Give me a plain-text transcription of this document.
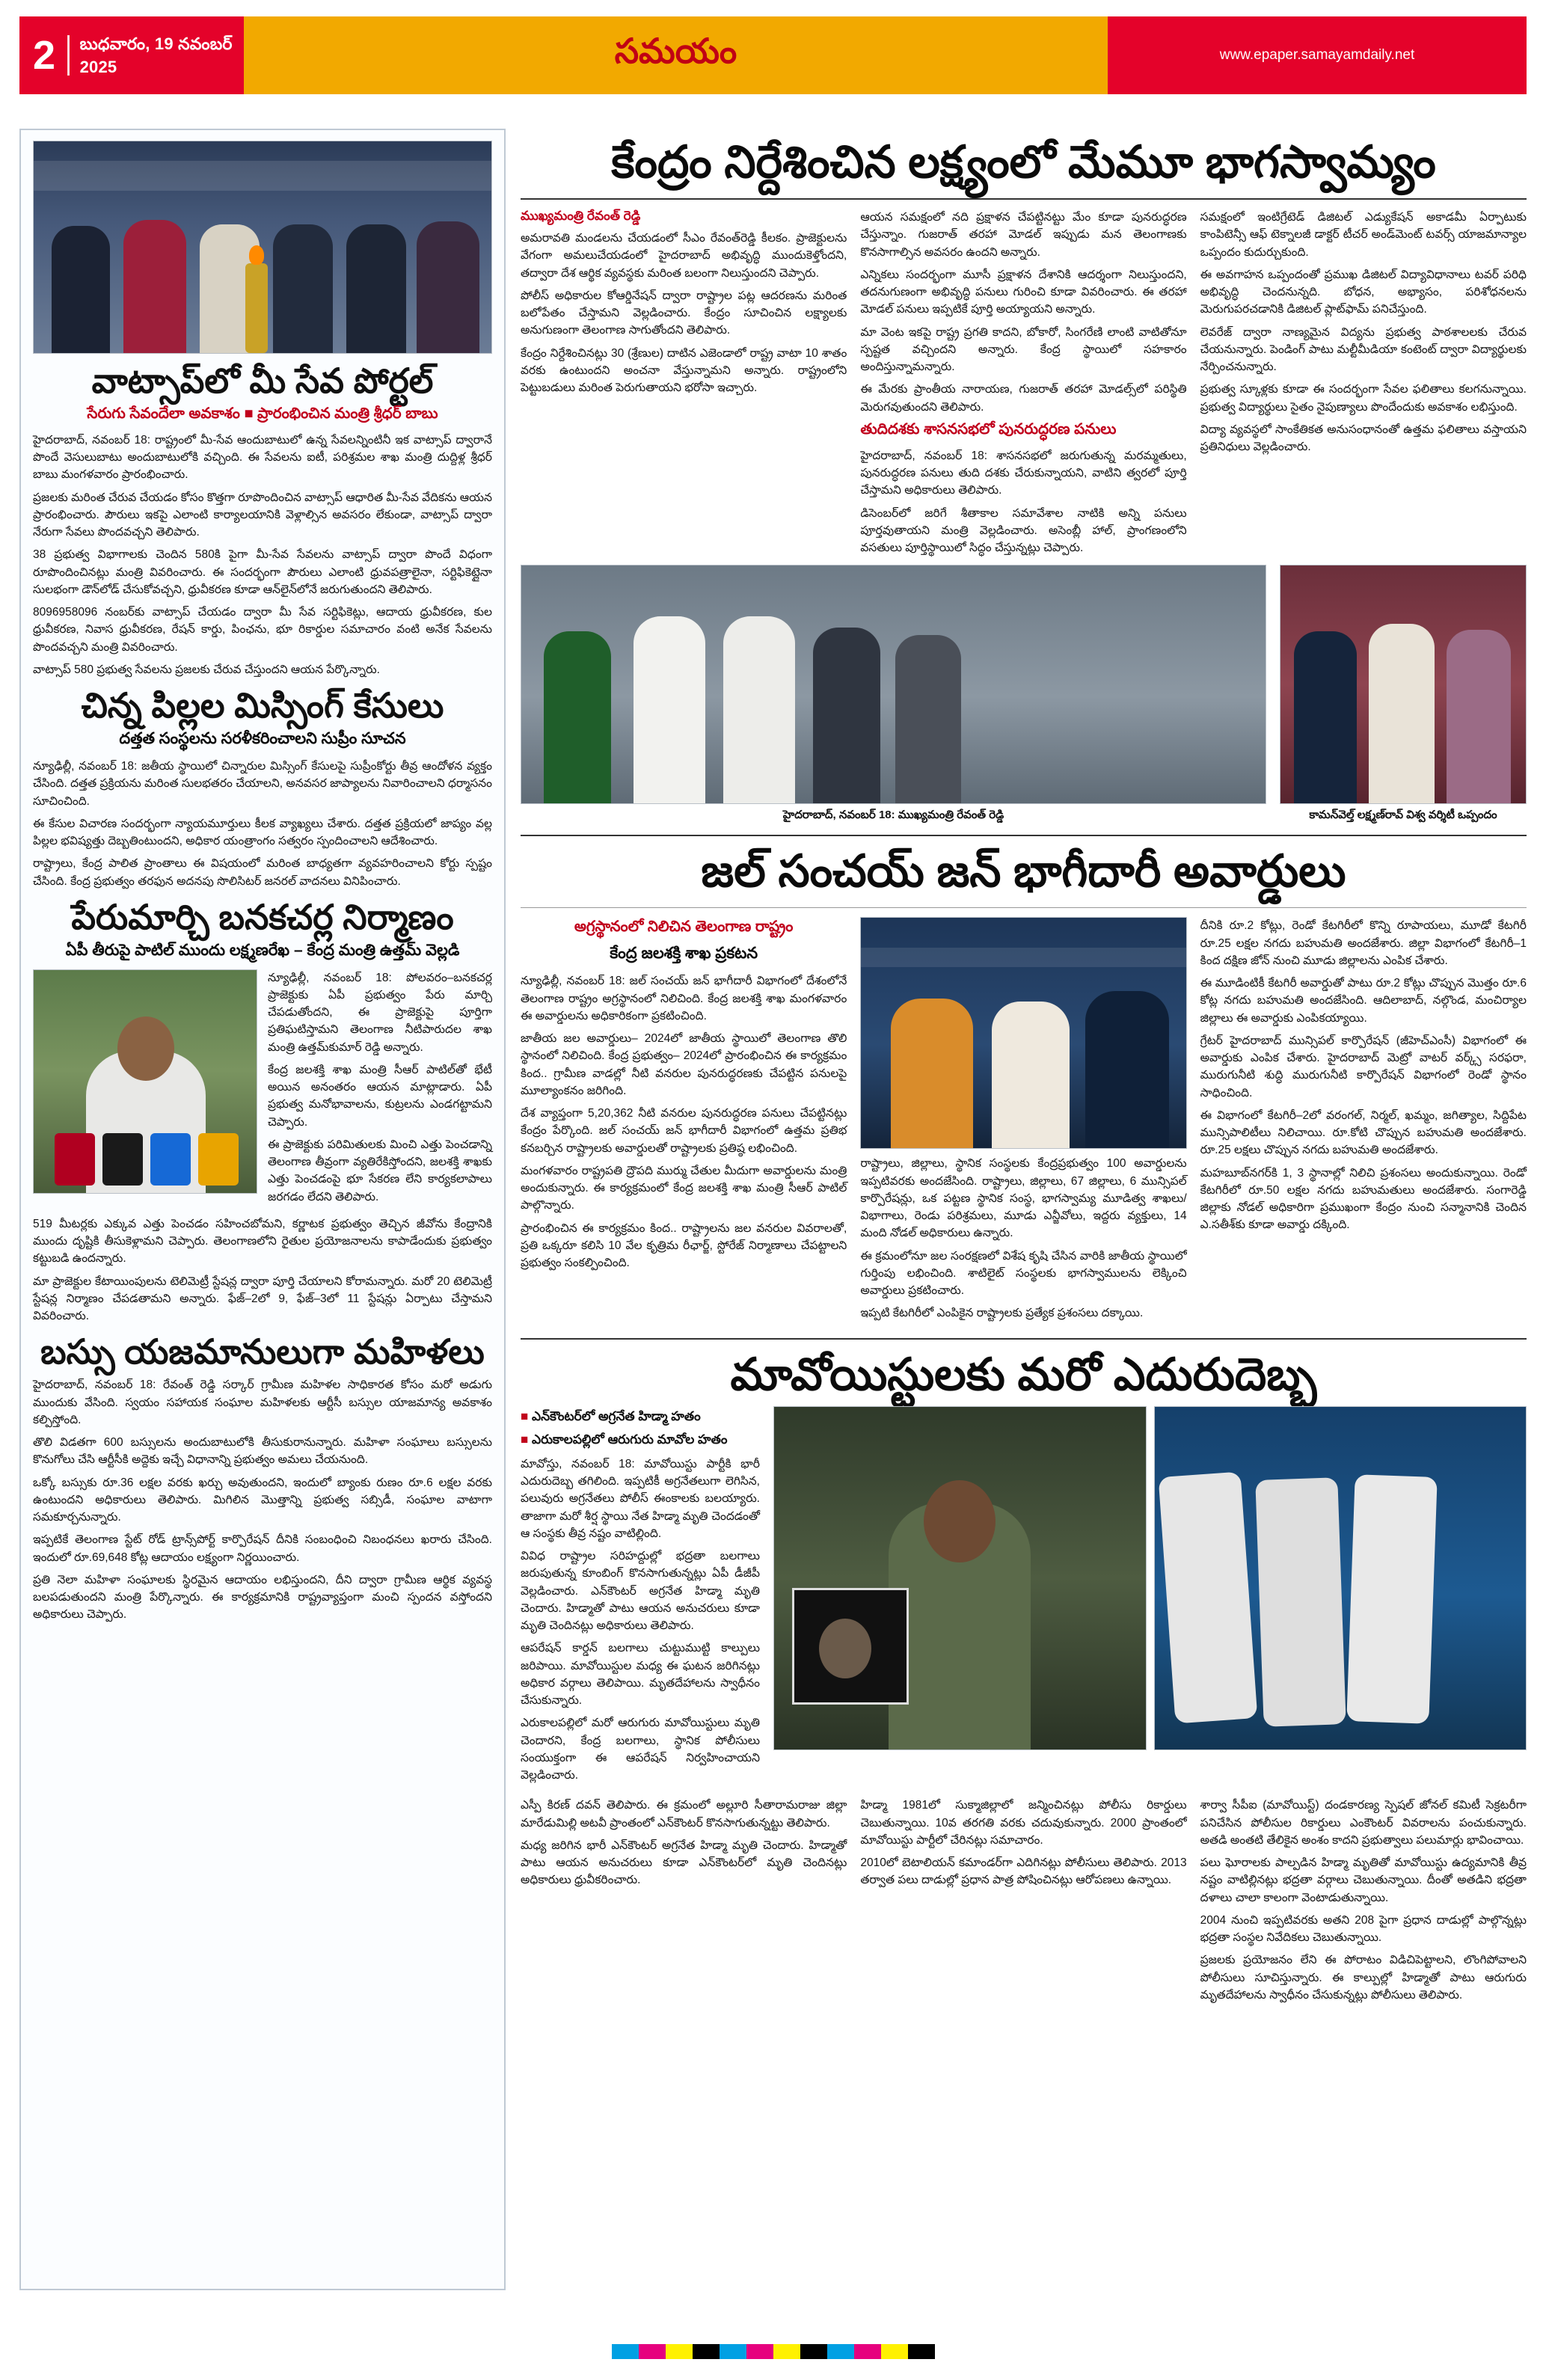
2	బుధవారం, 19 నవంబర్ 2025	సమయం	www.epaper.samayamdaily.net
వాట్సాప్‌లో మీ సేవ పోర్టల్
సేరుగు సేవందేలా అవకాశం ■ ప్రారంభించిన మంత్రి శ్రీధర్ బాబు

హైదరాబాద్, నవంబర్ 18: రాష్ట్రంలో మీ-సేవ ఆందుబాటులో ఉన్న సేవలన్నింటినీ ఇక వాట్సాప్ ద్వారానే పొందే వెసులుబాటు అందుబాటులోకి వచ్చింది. ఈ సేవలను ఐటీ, పరిశ్రమల శాఖ మంత్రి దుద్దిళ్ల శ్రీధర్ బాబు మంగళవారం ప్రారంభించారు.

ప్రజలకు మరింత చేరువ చేయడం కోసం కొత్తగా రూపొందించిన వాట్సాప్ ఆధారిత మీ-సేవ వేదికను ఆయన ప్రారంభించారు. పౌరులు ఇకపై ఎలాంటి కార్యాలయానికి వెళ్లాల్సిన అవసరం లేకుండా, వాట్సాప్ ద్వారా నేరుగా సేవలు పొందవచ్చని తెలిపారు.

38 ప్రభుత్వ విభాగాలకు చెందిన 580కి పైగా మీ-సేవ సేవలను వాట్సాప్ ద్వారా పొందే విధంగా రూపొందించినట్లు మంత్రి వివరించారు. ఈ సందర్భంగా పౌరులు ఎలాంటి ధ్రువపత్రాలైనా, సర్టిఫికెట్లైనా సులభంగా డౌన్‌లోడ్ చేసుకోవచ్చని, ధ్రువీకరణ కూడా ఆన్‌లైన్‌లోనే జరుగుతుందని తెలిపారు.

8096958096 నంబర్‌కు వాట్సాప్ చేయడం ద్వారా మీ సేవ సర్టిఫికెట్లు, ఆదాయ ధ్రువీకరణ, కుల ధ్రువీకరణ, నివాస ధ్రువీకరణ, రేషన్ కార్డు, పింఛను, భూ రికార్డుల సమాచారం వంటి అనేక సేవలను పొందవచ్చని మంత్రి వివరించారు.

వాట్సాప్ 580 ప్రభుత్వ సేవలను ప్రజలకు చేరువ చేస్తుందని ఆయన పేర్కొన్నారు.

చిన్న పిల్లల మిస్సింగ్ కేసులు
దత్తత సంస్థలను సరళీకరించాలని సుప్రీం సూచన

న్యూఢిల్లీ, నవంబర్ 18: జతీయ స్థాయిలో చిన్నారుల మిస్సింగ్ కేసులపై సుప్రీంకోర్టు తీవ్ర ఆందోళన వ్యక్తం చేసింది. దత్తత ప్రక్రియను మరింత సులభతరం చేయాలని, అనవసర జాప్యాలను నివారించాలని ధర్మాసనం సూచించింది.

ఈ కేసుల విచారణ సందర్భంగా న్యాయమూర్తులు కీలక వ్యాఖ్యలు చేశారు. దత్తత ప్రక్రియలో జాప్యం వల్ల పిల్లల భవిష్యత్తు దెబ్బతింటుందని, అధికార యంత్రాంగం సత్వరం స్పందించాలని ఆదేశించారు.

రాష్ట్రాలు, కేంద్ర పాలిత ప్రాంతాలు ఈ విషయంలో మరింత బాధ్యతగా వ్యవహరించాలని కోర్టు స్పష్టం చేసింది. కేంద్ర ప్రభుత్వం తరఫున అదనపు సొలిసిటర్ జనరల్ వాదనలు వినిపించారు.

పేరుమార్చి బనకచర్ల నిర్మాణం
ఏపీ తీరుపై పాటిల్ ముందు లక్ష్మణరేఖ – కేంద్ర మంత్రి ఉత్తమ్ వెల్లడి

న్యూఢిల్లీ, నవంబర్ 18: పోలవరం–బనకచర్ల ప్రాజెక్టుకు ఏపీ ప్రభుత్వం పేరు మార్చి చేపడుతోందని, ఈ ప్రాజెక్టుపై పూర్తిగా ప్రతిఘటిస్తామని తెలంగాణ నీటిపారుదల శాఖ మంత్రి ఉత్తమ్‌కుమార్ రెడ్డి అన్నారు.

కేంద్ర జలశక్తి శాఖ మంత్రి సీఆర్ పాటిల్‌తో భేటీ అయిన అనంతరం ఆయన మాట్లాడారు. ఏపీ ప్రభుత్వ మనోభావాలను, కుట్రలను ఎండగట్టామని చెప్పారు.

ఈ ప్రాజెక్టుకు పరిమితులకు మించి ఎత్తు పెంచడాన్ని తెలంగాణ తీవ్రంగా వ్యతిరేకిస్తోందని, జలశక్తి శాఖకు ఎత్తు పెంచడంపై భూ సేకరణ లేని కార్యకలాపాలు జరగడం లేదని తెలిపారు.

519 మీటర్లకు ఎక్కువ ఎత్తు పెంచడం సహించబోమని, కర్ణాటక ప్రభుత్వం తెచ్చిన జీవోను కేంద్రానికి ముందు దృష్టికి తీసుకెళ్లామని చెప్పారు. తెలంగాణలోని రైతుల ప్రయోజనాలను కాపాడేందుకు ప్రభుత్వం కట్టుబడి ఉందన్నారు.

మా ప్రాజెక్టుల కేటాయింపులను టెలిమెట్రీ స్టేషన్ల ద్వారా పూర్తి చేయాలని కోరామన్నారు. మరో 20 టెలిమెట్రీ స్టేషన్ల నిర్మాణం చేపడతామని అన్నారు. ఫేజ్–2లో 9, ఫేజ్–3లో 11 స్టేషన్లు ఏర్పాటు చేస్తామని వివరించారు.

బస్సు యజమానులుగా మహిళలు

హైదరాబాద్, నవంబర్ 18: రేవంత్ రెడ్డి సర్కార్ గ్రామీణ మహిళల సాధికారత కోసం మరో అడుగు ముందుకు వేసింది. స్వయం సహాయక సంఘాల మహిళలకు ఆర్టీసీ బస్సుల యాజమాన్య అవకాశం కల్పిస్తోంది.

తొలి విడతగా 600 బస్సులను అందుబాటులోకి తీసుకురానున్నారు. మహిళా సంఘాలు బస్సులను కొనుగోలు చేసి ఆర్టీసీకి అద్దెకు ఇచ్చే విధానాన్ని ప్రభుత్వం అమలు చేయనుంది.

ఒక్కో బస్సుకు రూ.36 లక్షల వరకు ఖర్చు అవుతుందని, ఇందులో బ్యాంకు రుణం రూ.6 లక్షల వరకు ఉంటుందని అధికారులు తెలిపారు. మిగిలిన మొత్తాన్ని ప్రభుత్వ సబ్సిడీ, సంఘాల వాటాగా సమకూర్చనున్నారు.

ఇప్పటికే తెలంగాణ స్టేట్ రోడ్ ట్రాన్స్‌పోర్ట్ కార్పొరేషన్ దీనికి సంబంధించి నిబంధనలు ఖరారు చేసింది. ఇందులో రూ.69,648 కోట్ల ఆదాయం లక్ష్యంగా నిర్ణయించారు.

ప్రతి నెలా మహిళా సంఘాలకు స్థిరమైన ఆదాయం లభిస్తుందని, దీని ద్వారా గ్రామీణ ఆర్థిక వ్యవస్థ బలపడుతుందని మంత్రి పేర్కొన్నారు. ఈ కార్యక్రమానికి రాష్ట్రవ్యాప్తంగా మంచి స్పందన వస్తోందని అధికారులు చెప్పారు.

కేంద్రం నిర్దేశించిన లక్ష్యంలో మేమూ భాగస్వామ్యం
ముఖ్యమంత్రి రేవంత్ రెడ్డి

అమరావతి మండలను చేయడంలో సీఎం రేవంత్‌రెడ్డి కీలకం. ప్రాజెక్టులను వేగంగా అమలుచేయడంలో హైదరాబాద్ అభివృద్ధి ముందుకెళ్తోందని, తద్వారా దేశ ఆర్థిక వ్యవస్థకు మరింత బలంగా నిలుస్తుందని చెప్పారు.

పోలీస్ అధికారుల కోఆర్డినేషన్ ద్వారా రాష్ట్రాల పట్ల ఆదరణను మరింత బలోపేతం చేస్తామని వెల్లడించారు. కేంద్రం సూచించిన లక్ష్యాలకు అనుగుణంగా తెలంగాణ సాగుతోందని తెలిపారు.

కేంద్రం నిర్దేశించినట్లు 30 (శ్రేణుల) దాటిన ఎజెండాలో రాష్ట్ర వాటా 10 శాతం వరకు ఉంటుందని అంచనా వేస్తున్నామని అన్నారు. రాష్ట్రంలోని పెట్టుబడులు మరింత పెరుగుతాయని భరోసా ఇచ్చారు.

ఆయన సమక్షంలో నది ప్రక్షాళన చేపట్టినట్టు మేం కూడా పునరుద్ధరణ చేస్తున్నాం. గుజరాత్ తరహా మోడల్ ఇప్పుడు మన తెలంగాణకు కొనసాగాల్సిన అవసరం ఉందని అన్నారు.

ఎన్నికలు సందర్భంగా మూసీ ప్రక్షాళన దేశానికి ఆదర్శంగా నిలుస్తుందని, తదనుగుణంగా అభివృద్ధి పనులు గురించి కూడా వివరించారు. ఈ తరహా మోడల్ పనులు ఇప్పటికే పూర్తి అయ్యాయని అన్నారు.

మా వెంట ఇకపై రాష్ట్ర ప్రగతి కాదని, బోకారో, సింగరేణి లాంటి వాటితోనూ స్పష్టత వచ్చిందని అన్నారు. కేంద్ర స్థాయిలో సహకారం అందిస్తున్నామన్నారు.

ఈ మేరకు ప్రాంతీయ నారాయణ, గుజరాత్ తరహా మోడల్స్‌లో పరిస్థితి మెరుగవుతుందని తెలిపారు.

తుదిదశకు శాసనసభలో పునరుద్ధరణ పనులు

హైదరాబాద్, నవంబర్ 18: శాసనసభలో జరుగుతున్న మరమ్మతులు, పునరుద్ధరణ పనులు తుది దశకు చేరుకున్నాయని, వాటిని త్వరలో పూర్తి చేస్తామని అధికారులు తెలిపారు.

డిసెంబర్‌లో జరిగే శీతాకాల సమావేశాల నాటికి అన్ని పనులు పూర్తవుతాయని మంత్రి వెల్లడించారు. అసెంబ్లీ హాల్, ప్రాంగణంలోని వసతులు పూర్తిస్థాయిలో సిద్ధం చేస్తున్నట్లు చెప్పారు.

సమక్షంలో ఇంటిగ్రేటెడ్ డిజిటల్ ఎడ్యుకేషన్ అకాడమీ ఏర్పాటుకు కాంపిటెన్సీ ఆఫ్ టెక్నాలజీ డాక్టర్ టీచర్ అండ్‌మెంట్ టవర్స్ యాజమాన్యాల ఒప్పందం కుదుర్చుకుంది.

ఈ అవగాహన ఒప్పందంతో ప్రముఖ డిజిటల్ విద్యావిధానాలు టవర్ పరిధి అభివృద్ధి చెందనున్నది. బోధన, అభ్యాసం, పరిశోధనలను మెరుగుపరచడానికి డిజిటల్ ప్లాట్‌ఫామ్ పనిచేస్తుంది.

లెవరేజ్ ద్వారా నాణ్యమైన విద్యను ప్రభుత్వ పాఠశాలలకు చేరువ చేయనున్నారు. పెండింగ్ పాటు మల్టీమీడియా కంటెంట్ ద్వారా విద్యార్థులకు నేర్పించనున్నారు.

ప్రభుత్వ స్కూళ్లకు కూడా ఈ సందర్భంగా సేవల ఫలితాలు కలగనున్నాయి. ప్రభుత్వ విద్యార్థులు సైతం నైపుణ్యాలు పొందేందుకు అవకాశం లభిస్తుంది.

విద్యా వ్యవస్థలో సాంకేతికత అనుసంధానంతో ఉత్తమ ఫలితాలు వస్తాయని ప్రతినిధులు వెల్లడించారు.

హైదరాబాద్, నవంబర్ 18: ముఖ్యమంత్రి రేవంత్ రెడ్డి	కామన్‌వెల్త్ లక్ష్మణ్‌రావ్ విశ్వ వర్శిటీ ఒప్పందం
జల్ సంచయ్ జన్ భాగీదారీ అవార్డులు
అగ్రస్థానంలో నిలిచిన తెలంగాణ రాష్ట్రం
కేంద్ర జలశక్తి శాఖ ప్రకటన

న్యూఢిల్లీ, నవంబర్ 18: జల్ సంచయ్ జన్ భాగీదారీ విభాగంలో దేశంలోనే తెలంగాణ రాష్ట్రం అగ్రస్థానంలో నిలిచింది. కేంద్ర జలశక్తి శాఖ మంగళవారం ఈ అవార్డులను అధికారికంగా ప్రకటించింది.

జాతీయ జల అవార్డులు– 2024లో జాతీయ స్థాయిలో తెలంగాణ తొలి స్థానంలో నిలిచింది. కేంద్ర ప్రభుత్వం– 2024లో ప్రారంభించిన ఈ కార్యక్రమం కింద.. గ్రామీణ వాడల్లో నీటి వనరుల పునరుద్ధరణకు చేపట్టిన పనులపై మూల్యాంకనం జరిగింది.

దేశ వ్యాప్తంగా 5,20,362 నీటి వనరుల పునరుద్ధరణ పనులు చేపట్టినట్లు కేంద్రం పేర్కొంది. జల్ సంచయ్ జన్ భాగీదారీ విభాగంలో ఉత్తమ ప్రతిభ కనబర్చిన రాష్ట్రాలకు అవార్డులతో రాష్ట్రాలకు ప్రతిష్ఠ లభించింది.

మంగళవారం రాష్ట్రపతి ద్రౌపది ముర్ము చేతుల మీదుగా అవార్డులను మంత్రి అందుకున్నారు. ఈ కార్యక్రమంలో కేంద్ర జలశక్తి శాఖ మంత్రి సీఆర్ పాటిల్ పాల్గొన్నారు.

ప్రారంభించిన ఈ కార్యక్రమం కింద.. రాష్ట్రాలను జల వనరుల వివరాలతో, ప్రతి ఒక్కరూ కలిసి 10 వేల కృత్రిమ రీఛార్జ్, స్టోరేజ్ నిర్మాణాలు చేపట్టాలని ప్రభుత్వం సంకల్పించింది.

రాష్ట్రాలు, జిల్లాలు, స్థానిక సంస్థలకు కేంద్రప్రభుత్వం 100 అవార్డులను ఇప్పటివరకు అందజేసింది. రాష్ట్రాలు, జిల్లాలు, 67 జిల్లాలు, 6 మున్సిపల్ కార్పొరేషన్లు, ఒక పట్టణ స్థానిక సంస్థ, భాగస్వామ్య మూడిత్వ శాఖలు/విభాగాలు, రెండు పరిశ్రమలు, మూడు ఎన్జీవోలు, ఇద్దరు వ్యక్తులు, 14 మంది నోడల్ అధికారులు ఉన్నారు.

ఈ క్రమంలోనూ జల సంరక్షణలో విశేష కృషి చేసిన వారికి జాతీయ స్థాయిలో గుర్తింపు లభించింది. శాటిలైట్ సంస్థలకు భాగస్వాములను లెక్కించి అవార్డులు ప్రకటించారు.

ఇప్పటి కేటగిరీలో ఎంపికైన రాష్ట్రాలకు ప్రత్యేక ప్రశంసలు దక్కాయి.

దీనికి రూ.2 కోట్లు, రెండో కేటగిరీలో కొన్ని రూపాయలు, మూడో కేటగిరీ రూ.25 లక్షల నగదు బహుమతి అందజేశారు. జిల్లా విభాగంలో కేటగిరీ–1 కింద దక్షిణ జోన్ నుంచి మూడు జిల్లాలను ఎంపిక చేశారు.

ఈ మూడింటికీ కేటగిరీ అవార్డుతో పాటు రూ.2 కోట్లు చొప్పున మొత్తం రూ.6 కోట్ల నగదు బహుమతి అందజేసింది. ఆదిలాబాద్, నల్గొండ, మంచిర్యాల జిల్లాలు ఈ అవార్డుకు ఎంపికయ్యాయి.

గ్రేటర్ హైదరాబాద్ మున్సిపల్ కార్పొరేషన్ (జీహెచ్ఎంసీ) విభాగంలో ఈ అవార్డుకు ఎంపిక చేశారు. హైదరాబాద్ మెట్రో వాటర్ వర్క్స్ సరఫరా, మురుగునీటి శుద్ధి మురుగునీటి కార్పొరేషన్ విభాగంలో రెండో స్థానం సాధించింది.

ఈ విభాగంలో కేటగిరీ–2లో వరంగల్, నిర్మల్, ఖమ్మం, జగిత్యాల, సిద్దిపేట మున్సిపాలిటీలు నిలిచాయి. రూ.కోటి చొప్పున బహుమతి అందజేశారు. రూ.25 లక్షలు చొప్పున నగదు బహుమతి అందజేశారు.

మహబూబ్‌నగర్‌కి 1, 3 స్థానాల్లో నిలిచి ప్రశంసలు అందుకున్నాయి. రెండో కేటగిరీలో రూ.50 లక్షల నగదు బహుమతులు అందజేశారు. సంగారెడ్డి జిల్లాకు నోడల్ అధికారిగా ప్రముఖంగా కేంద్రం నుంచి సన్మానానికి చెందిన ఎ.సతీశ్‌కు కూడా అవార్డు దక్కింది.

మావోయిస్టులకు మరో ఎదురుదెబ్బ
■ ఎన్‌కౌంటర్‌లో అగ్రనేత హిడ్మా హతం
■ ఎరుకాలపల్లిలో ఆరుగురు మావోల హతం

మావోస్తు, నవంబర్ 18: మావోయిస్టు పార్టీకి భారీ ఎదురుదెబ్బ తగిలింది. ఇప్పటికీ అగ్రనేతలుగా లెగిసిన, పలువురు అగ్రనేతలు పోలీస్ ఈంకాలకు బలయ్యారు. తాజాగా మరో శీర్ష స్థాయి నేత హిడ్మా మృతి చెందడంతో ఆ సంస్థకు తీవ్ర నష్టం వాటిల్లింది.

వివిధ రాష్ట్రాల సరిహద్దుల్లో భద్రతా బలగాలు జరుపుతున్న కూంబింగ్ కొనసాగుతున్నట్లు ఏపీ డీజీపీ వెల్లడించారు. ఎన్‌కౌంటర్ అగ్రనేత హిడ్మా మృతి చెందారు. హిడ్మాతో పాటు ఆయన అనుచరులు కూడా మృతి చెందినట్లు అధికారులు తెలిపారు.

ఆపరేషన్ కార్డన్ బలగాలు చుట్టుముట్టి కాల్పులు జరిపాయి. మావోయిస్టుల మధ్య ఈ ఘటన జరిగినట్లు అధికార వర్గాలు తెలిపాయి. మృతదేహాలను స్వాధీనం చేసుకున్నారు.

ఎరుకాలపల్లిలో మరో ఆరుగురు మావోయిస్టులు మృతి చెందారని, కేంద్ర బలగాలు, స్థానిక పోలీసులు సంయుక్తంగా ఈ ఆపరేషన్ నిర్వహించాయని వెల్లడించారు.

ఎస్పీ కిరణ్ దవన్ తెలిపారు. ఈ క్రమంలో అల్లూరి సీతారామరాజు జిల్లా మారేడుమిల్లి అటవీ ప్రాంతంలో ఎన్‌కౌంటర్ కొనసాగుతున్నట్టు తెలిపారు.

మధ్య జరిగిన భారీ ఎన్‌కౌంటర్ అగ్రనేత హిడ్మా మృతి చెందారు. హిడ్మాతో పాటు ఆయన అనుచరులు కూడా ఎన్‌కౌంటర్‌లో మృతి చెందినట్లు అధికారులు ధ్రువీకరించారు.

హిడ్మా 1981లో సుక్మాజిల్లాలో జన్మించినట్లు పోలీసు రికార్డులు చెబుతున్నాయి. 10వ తరగతి వరకు చదువుకున్నారు. 2000 ప్రాంతంలో మావోయిస్టు పార్టీలో చేరినట్లు సమాచారం.

2010లో బెటాలియన్ కమాండర్‌గా ఎదిగినట్లు పోలీసులు తెలిపారు. 2013 తర్వాత పలు దాడుల్లో ప్రధాన పాత్ర పోషించినట్లు ఆరోపణలు ఉన్నాయి.

శార్వా సీపీఐ (మావోయిస్ట్) దండకారణ్య స్పెషల్ జోనల్ కమిటీ సెక్రటరీగా పనిచేసిన పోలీసుల రికార్డులు ఎంకౌంటర్ వివరాలను పంచుకున్నారు. అతడి అంతటి తేలికైన అంశం కాదని ప్రభుత్వాలు పలుమార్లు భావించాయి.

పలు ఘోరాలకు పాల్పడిన హిడ్మా మృతితో మావోయిస్టు ఉద్యమానికి తీవ్ర నష్టం వాటిల్లినట్లు భద్రతా వర్గాలు చెబుతున్నాయి. దీంతో అతడిని భద్రతా దళాలు చాలా కాలంగా వెంటాడుతున్నాయి.

2004 నుంచి ఇప్పటివరకు అతని 208 పైగా ప్రధాన దాడుల్లో పాల్గొన్నట్లు భద్రతా సంస్థల నివేదికలు చెబుతున్నాయి.

ప్రజలకు ప్రయోజనం లేని ఈ పోరాటం విడిచిపెట్టాలని, లొంగిపోవాలని పోలీసులు సూచిస్తున్నారు. ఈ కాల్పుల్లో హిడ్మాతో పాటు ఆరుగురు మృతదేహాలను స్వాధీనం చేసుకున్నట్లు పోలీసులు తెలిపారు.
